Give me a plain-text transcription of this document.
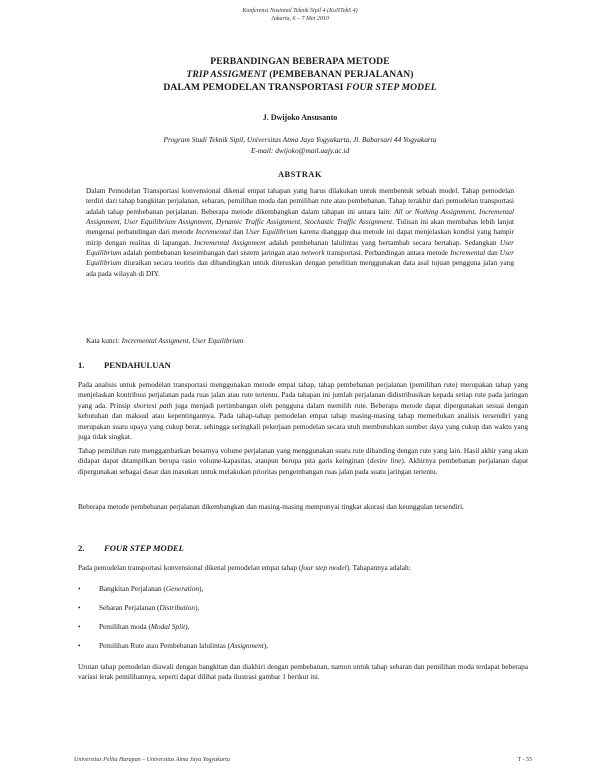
Konferensi Nasional Teknik Sipil 4 (KoNTekS 4)
Jakarta, 6 – 7 Mei 2010
PERBANDINGAN BEBERAPA METODE
TRIP ASSIGMENT (PEMBEBANAN PERJALANAN)
DALAM PEMODELAN TRANSPORTASI FOUR STEP MODEL
J. Dwijoko Ansusanto
Program Studi Teknik Sipil, Universitas Atma Jaya Yogyakarta, Jl. Babarsari 44 Yogyakarta
E-mail: dwijoko@mail.uajy.ac.id
ABSTRAK
Dalam Pemodelan Transportasi konvensional dikenal empat tahapan yang harus dilakukan untuk membentuk sebuah model. Tahap pemodelan terdiri dari tahap bangkitan perjalanan, sebaran, pemilihan moda dan pemilihan rute atau pembebanan. Tahap terakhir dari pemodelan transportasi adalah tahap pembebanan perjalanan. Beberapa metode dikembangkan dalam tahapan ini antara lain: All or Nothing Assignment, Incremental Assignment, User Equilibrium Assignment, Dynamic Traffic Assignment, Stochastic Traffic Assignment. Tulisan ini akan membahas lebih lanjut mengenai perbandingan dari metode Incremental dan User Equilibrium karena dianggap dua metode ini dapat menjelaskan kondisi yang hampir mirip dengan realitas di lapangan. Incremental Assignment adalah pembebanan lalulintas yang bertambah secara bertahap. Sedangkan User Equilibrium adalah pembebanan keseimbangan dari sistem jaringan atau network transportasi. Perbandingan antara metode Incremental dan User Equilibrium diuraikan secara teoritis dan dibandingkan untuk diteruskan dengan penelitian menggunakan data asal tujuan pengguna jalan yang ada pada wilayah di DIY.
Kata kunci: Incremental Assigment, User Equilibrium
1. PENDAHULUAN
Pada analisis untuk pemodelan transportasi menggunakan metode empat tahap, tahap pembebanan perjalanan (pemilihan rute) merupakan tahap yang menjelaskan kontribusi perjalanan pada ruas jalan atau rute tertentu. Pada tahapan ini jumlah perjalanan didistribusikan kepada setiap rute pada jaringan yang ada. Prinsip shortest path juga menjadi pertimbangan oleh pengguna dalam memilih rute. Beberapa metode dapat dipergunakan sesuai dengan kebutuhan dan maksud atau kepentingannya. Pada tahap-tahap pemodelan empat tahap masing-masing tahap memerlukan analisis tersendiri yang merupakan suatu upaya yang cukup berat, sehingga seringkali pekerjaan pemodelan secara utuh membutuhkan sumber daya yang cukup dan waktu yang juga tidak singkat.
Tahap pemilihan rute menggambarkan besarnya volume perjalanan yang menggunakan suatu rute dibanding dengan rute yang lain. Hasil akhir yang akan didapat dapat ditampilkan berupa rasio volume-kapasitas, ataupun berupa pita garis keinginan (desire line). Akhirnya pembebanan perjalanan dapat dipergunakan sebagai dasar dan masukan untuk melakukan prioritas pengembangan ruas jalan pada suatu jaringan tertentu.
Beberapa metode pembebanan perjalanan dikembangkan dan masing-masing mempunyai tingkat akurasi dan keunggulan tersendiri.
2. FOUR STEP MODEL
Pada pemodelan transportasi konvensional dikenal pemodelan empat tahap (four step model). Tahapannya adalah:
•	Bangkitan Perjalanan (Generation),
•	Sebaran Perjalanan (Distribution),
•	Pemilihan moda (Modal Split),
•	Pemilihan Rute atau Pembebanan lalulintas (Assignment),
Urutan tahap pemodelan diawali dengan bangkitan dan diakhiri dengan pembebanan, namun untuk tahap sebaran dan pemilihan moda terdapat beberapa variasi letak pemilihannya, seperti dapat dilihat pada ilustrasi gambar 1 berikut ini.
Universitas Pelita Harapan – Universitas Atma Jaya Yogyakarta	T - 55
